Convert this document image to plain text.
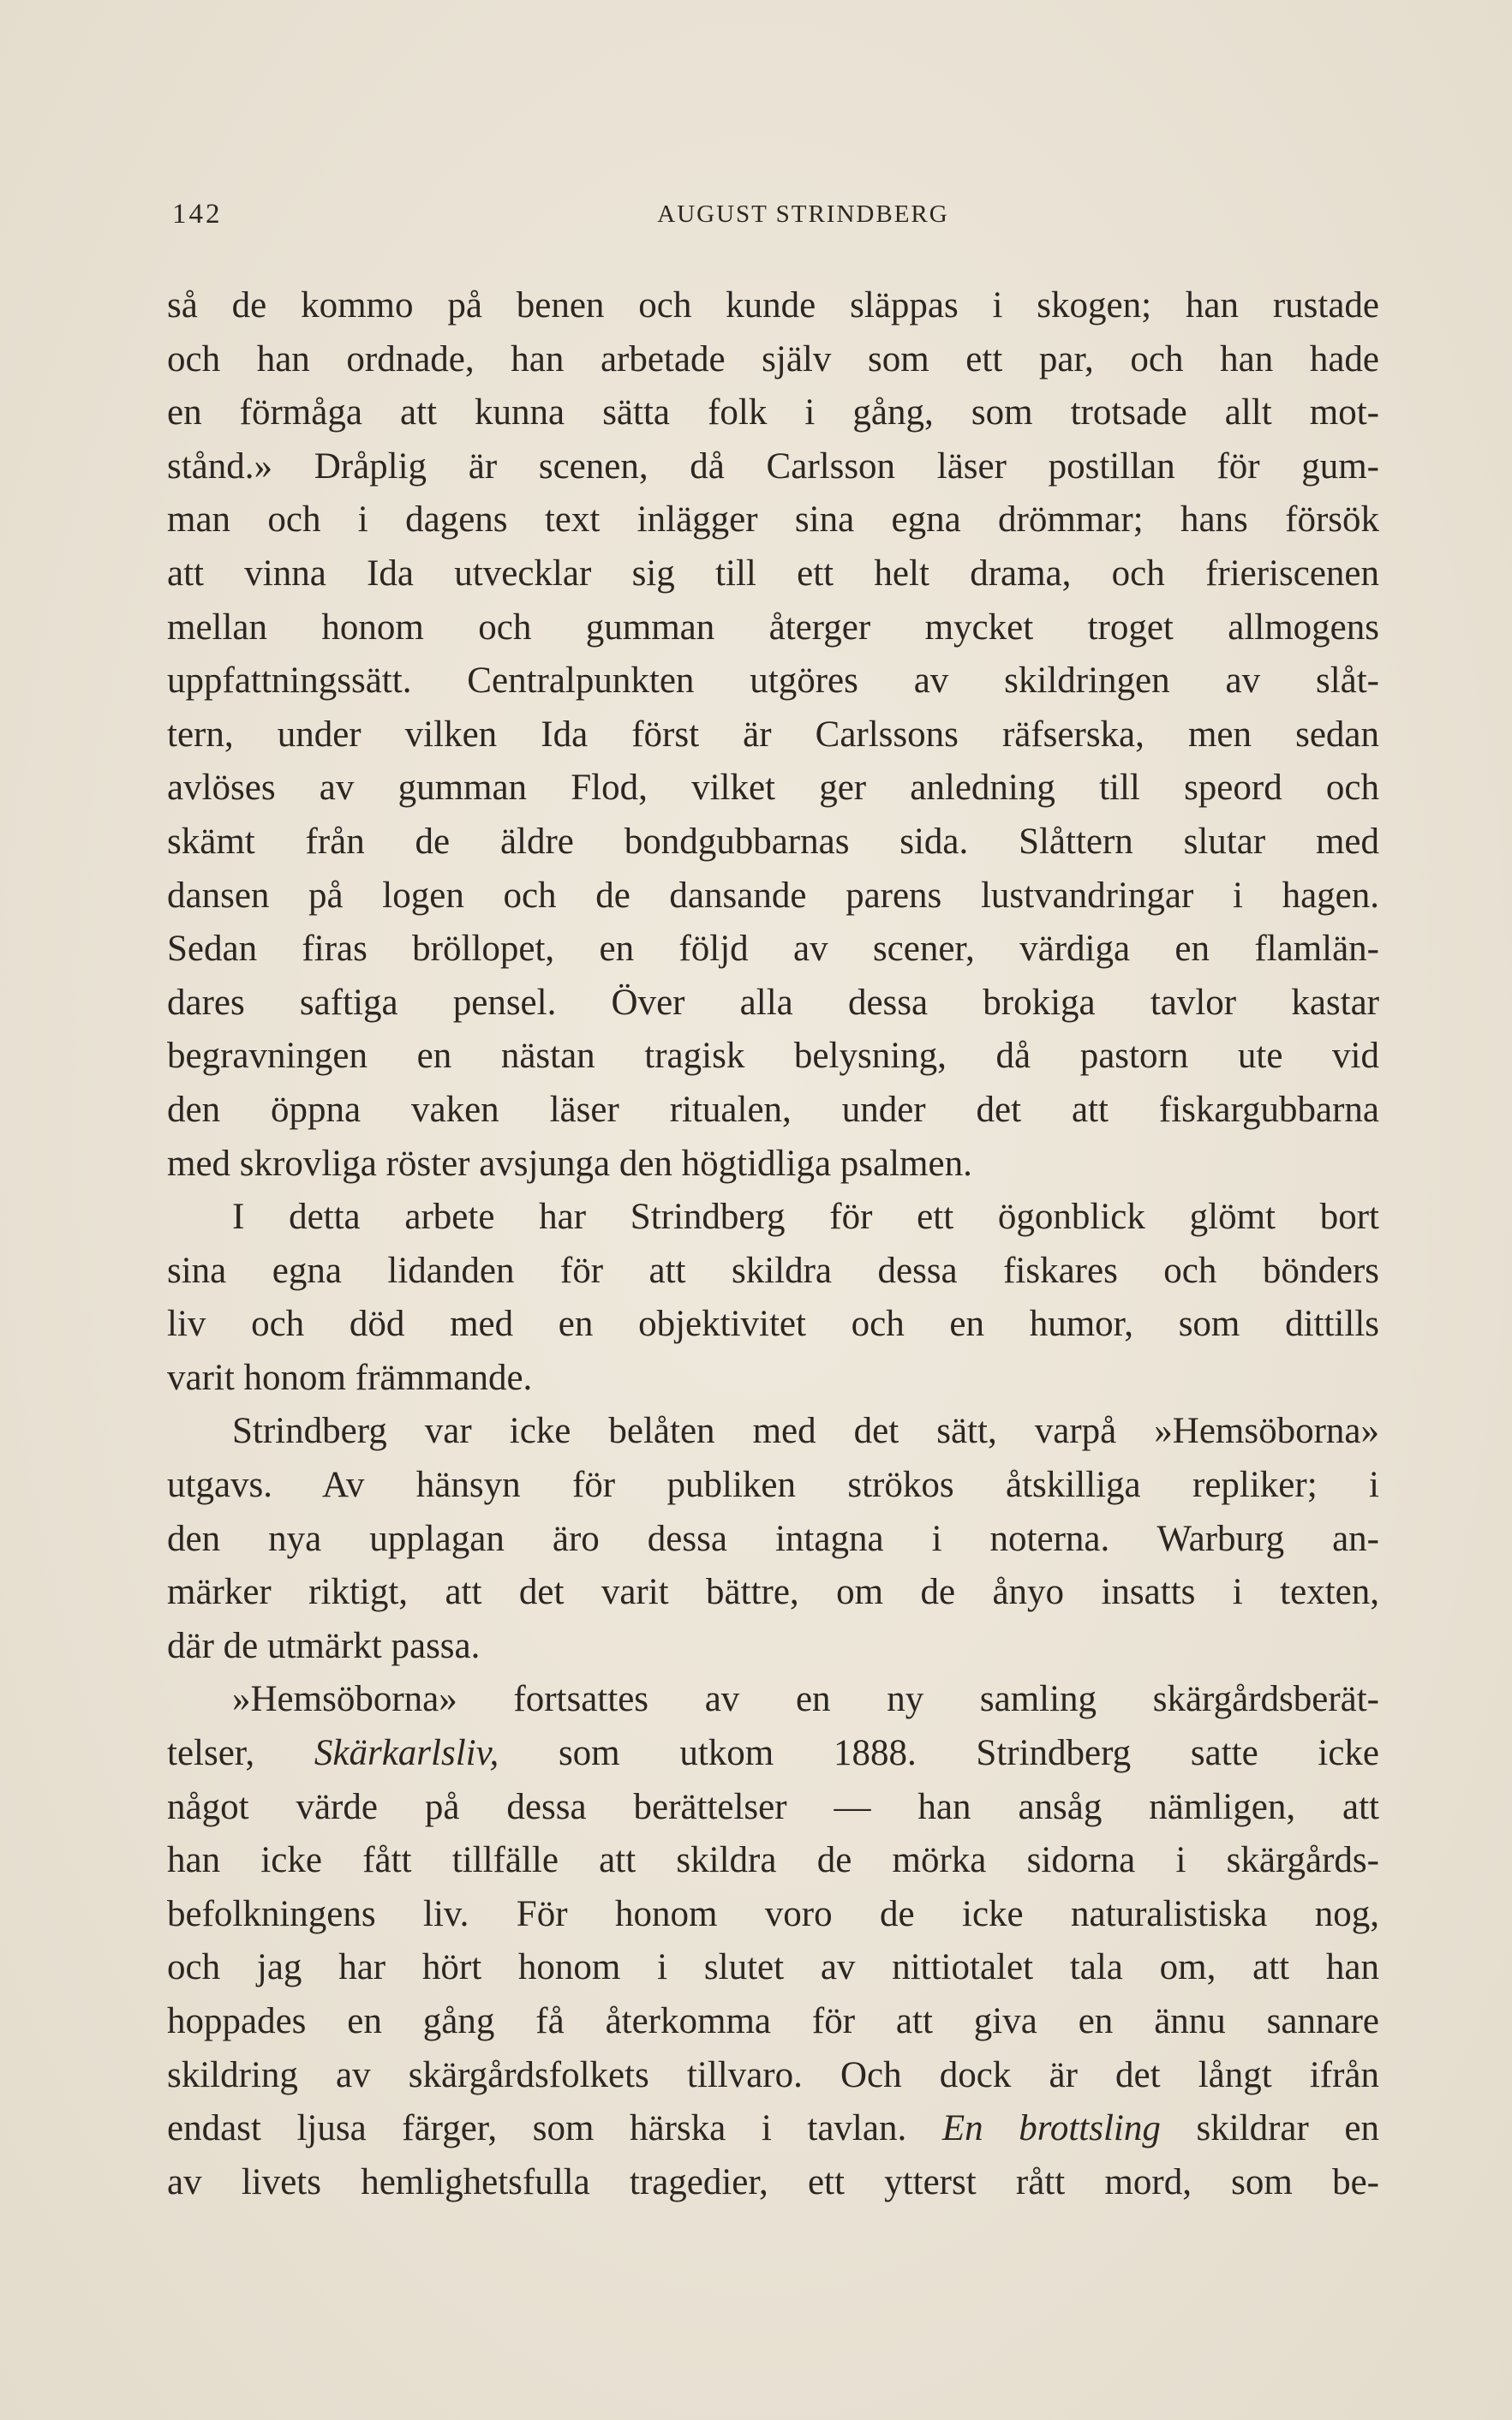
142	AUGUST STRINDBERG
så de kommo på benen och kunde släppas i skogen; han rustade
och han ordnade, han arbetade själv som ett par, och han hade
en förmåga att kunna sätta folk i gång, som trotsade allt mot-
stånd.» Dråplig är scenen, då Carlsson läser postillan för gum-
man och i dagens text inlägger sina egna drömmar; hans försök
att vinna Ida utvecklar sig till ett helt drama, och frieriscenen
mellan honom och gumman återger mycket troget allmogens
uppfattningssätt. Centralpunkten utgöres av skildringen av slåt-
tern, under vilken Ida först är Carlssons räfserska, men sedan
avlöses av gumman Flod, vilket ger anledning till speord och
skämt från de äldre bondgubbarnas sida. Slåttern slutar med
dansen på logen och de dansande parens lustvandringar i hagen.
Sedan firas bröllopet, en följd av scener, värdiga en flamlän-
dares saftiga pensel. Över alla dessa brokiga tavlor kastar
begravningen en nästan tragisk belysning, då pastorn ute vid
den öppna vaken läser ritualen, under det att fiskargubbarna
med skrovliga röster avsjunga den högtidliga psalmen.
I detta arbete har Strindberg för ett ögonblick glömt bort
sina egna lidanden för att skildra dessa fiskares och bönders
liv och död med en objektivitet och en humor, som dittills
varit honom främmande.
Strindberg var icke belåten med det sätt, varpå »Hemsöborna»
utgavs. Av hänsyn för publiken strökos åtskilliga repliker; i
den nya upplagan äro dessa intagna i noterna. Warburg an-
märker riktigt, att det varit bättre, om de ånyo insatts i texten,
där de utmärkt passa.
»Hemsöborna» fortsattes av en ny samling skärgårdsberät-
telser, Skärkarlsliv, som utkom 1888. Strindberg satte icke
något värde på dessa berättelser — han ansåg nämligen, att
han icke fått tillfälle att skildra de mörka sidorna i skärgårds-
befolkningens liv. För honom voro de icke naturalistiska nog,
och jag har hört honom i slutet av nittiotalet tala om, att han
hoppades en gång få återkomma för att giva en ännu sannare
skildring av skärgårdsfolkets tillvaro. Och dock är det långt ifrån
endast ljusa färger, som härska i tavlan. En brottsling skildrar en
av livets hemlighetsfulla tragedier, ett ytterst rått mord, som be-
